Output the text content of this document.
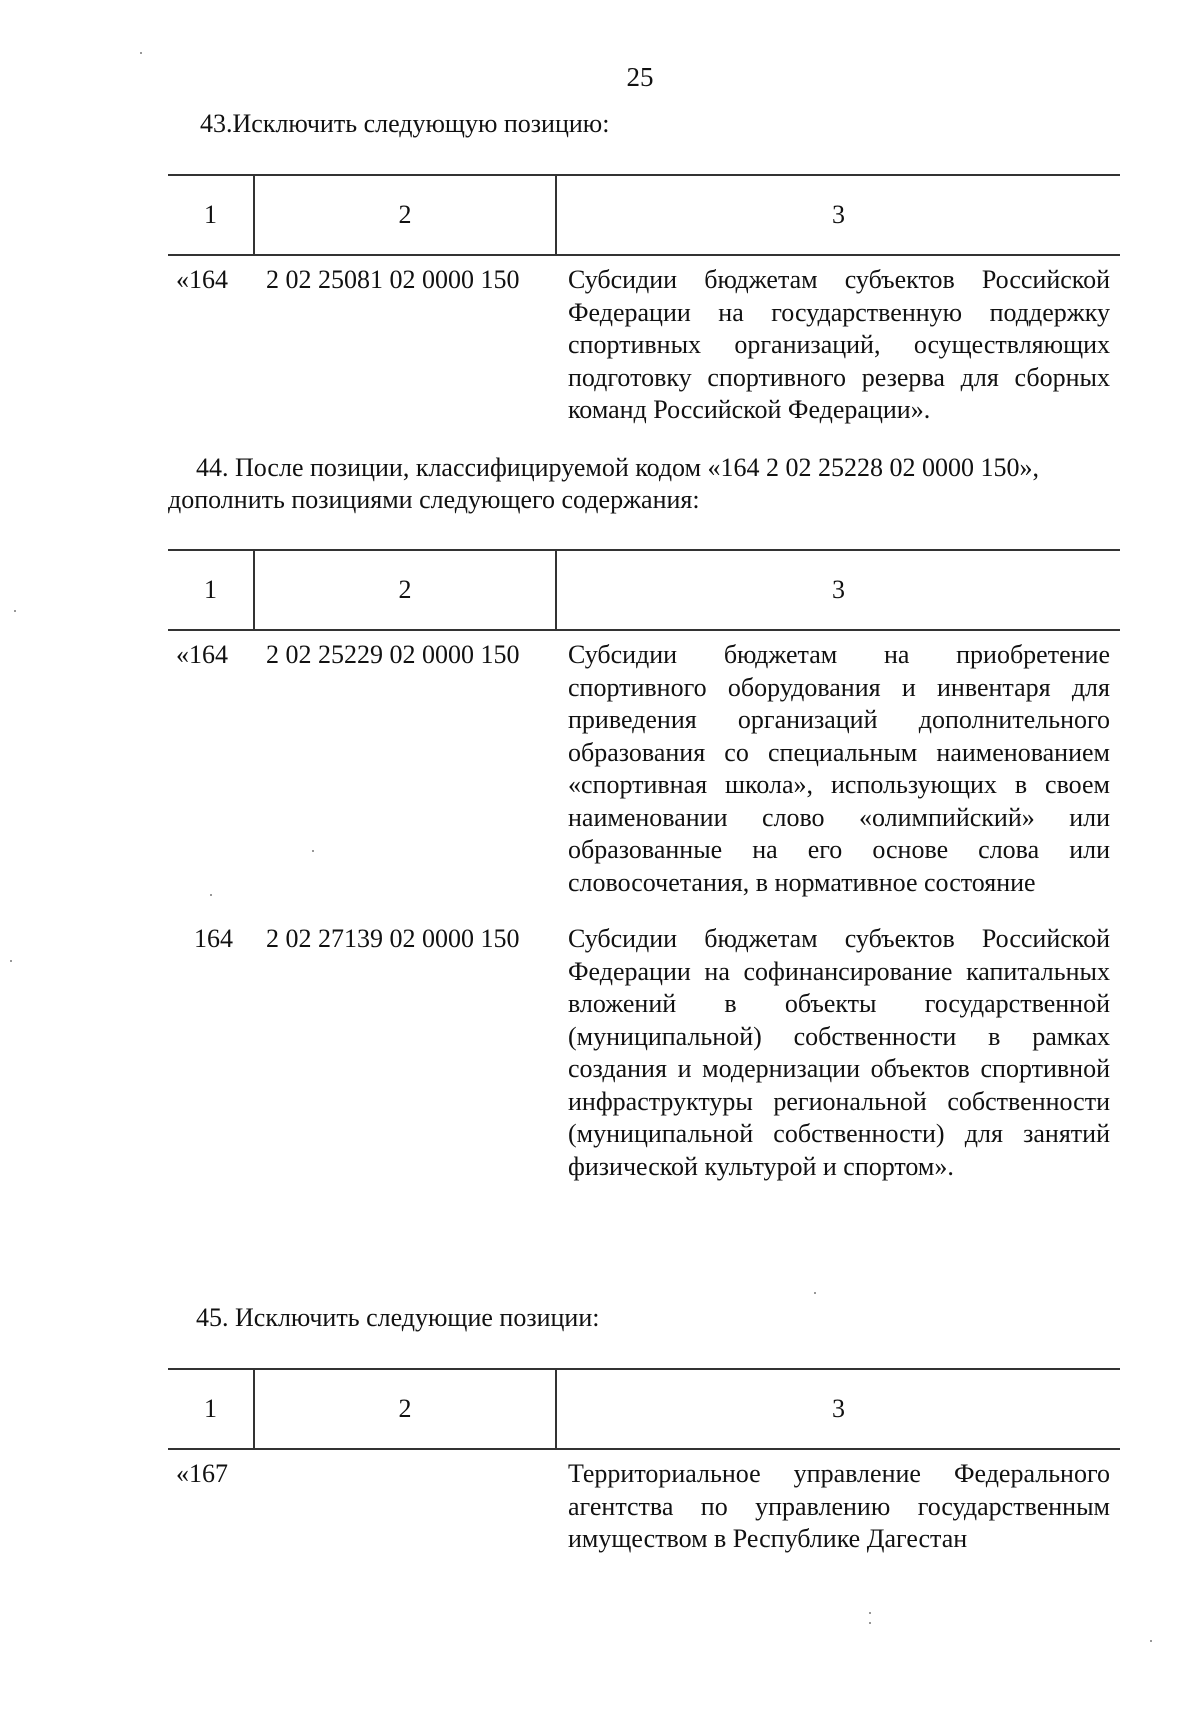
25
43.Исключить следующую позицию:
1	2	3
«164	2 02 25081 02 0000 150	Субсидии бюджетам субъектов Российской Федерации на государственную поддержку спортивных организаций, осуществляющих подготовку спортивного резерва для сборных команд Российской Федерации».
44. После позиции, классифицируемой кодом «164 2 02 25228 02 0000 150»,
дополнить позициями следующего содержания:
1	2	3
«164	2 02 25229 02 0000 150	Субсидии бюджетам на приобретение спортивного оборудования и инвентаря для приведения организаций дополнительного образования со специальным наименованием «спортивная школа», использующих в своем наименовании слово «олимпийский» или образованные на его основе слова или словосочетания, в нормативное состояние
164	2 02 27139 02 0000 150	Субсидии бюджетам субъектов Российской Федерации на софинансирование капитальных вложений в объекты государственной (муниципальной) собственности в рамках создания и модернизации объектов спортивной инфраструктуры региональной собственности (муниципальной собственности) для занятий физической культурой и спортом».
45. Исключить следующие позиции:
1	2	3
«167		Территориальное управление Федерального агентства по управлению государственным имуществом в Республике Дагестан
